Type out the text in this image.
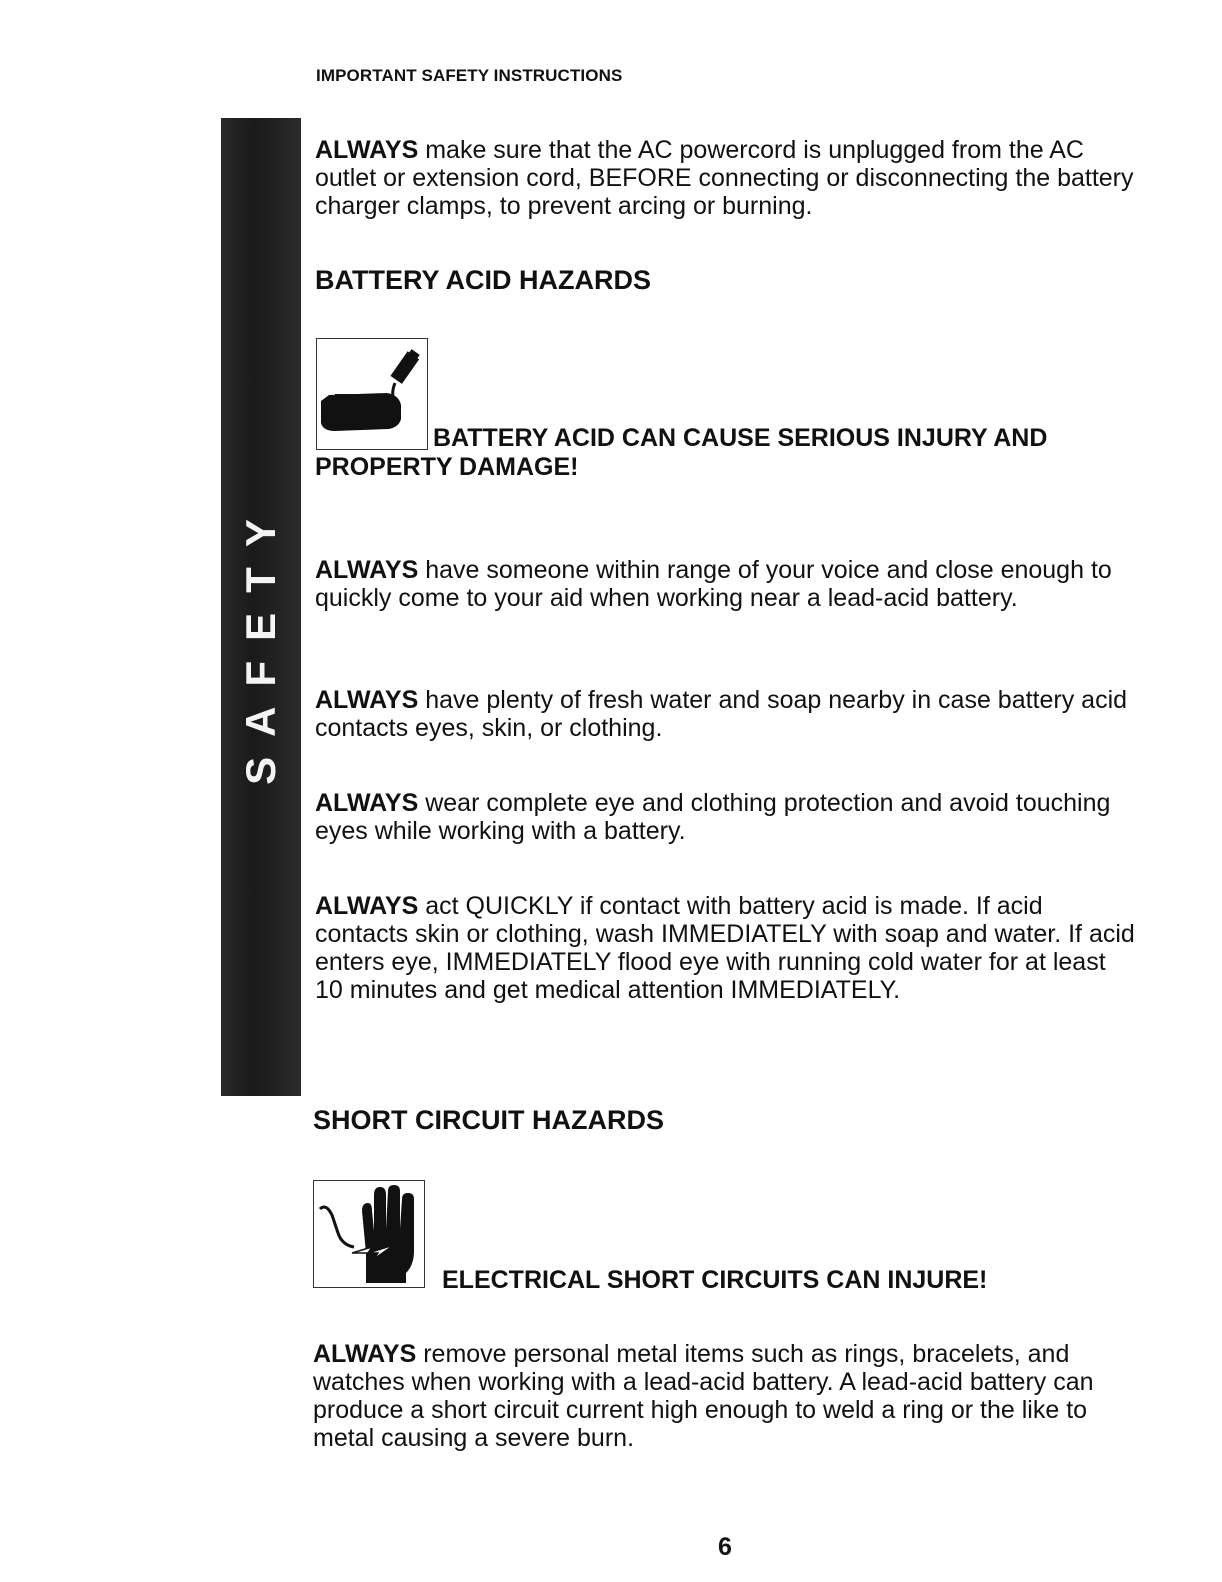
IMPORTANT SAFETY INSTRUCTIONS
SAFETY

ALWAYS make sure that the AC powercord is unplugged from the AC outlet or extension cord, BEFORE connecting or disconnecting the battery charger clamps, to prevent arcing or burning.

BATTERY ACID HAZARDS
BATTERY ACID CAN CAUSE SERIOUS INJURY AND
PROPERTY DAMAGE!

ALWAYS have someone within range of your voice and close enough to quickly come to your aid when working near a lead-acid battery.

ALWAYS have plenty of fresh water and soap nearby in case battery acid contacts eyes, skin, or clothing.

ALWAYS wear complete eye and clothing protection and avoid touching eyes while working with a battery.

ALWAYS act QUICKLY if contact with battery acid is made. If acid contacts skin or clothing, wash IMMEDIATELY with soap and water. If acid enters eye, IMMEDIATELY flood eye with running cold water for at least 10 minutes and get medical attention IMMEDIATELY.

SHORT CIRCUIT HAZARDS
ELECTRICAL SHORT CIRCUITS CAN INJURE!

ALWAYS remove personal metal items such as rings, bracelets, and watches when working with a lead-acid battery. A lead-acid battery can produce a short circuit current high enough to weld a ring or the like to metal causing a severe burn.

6
